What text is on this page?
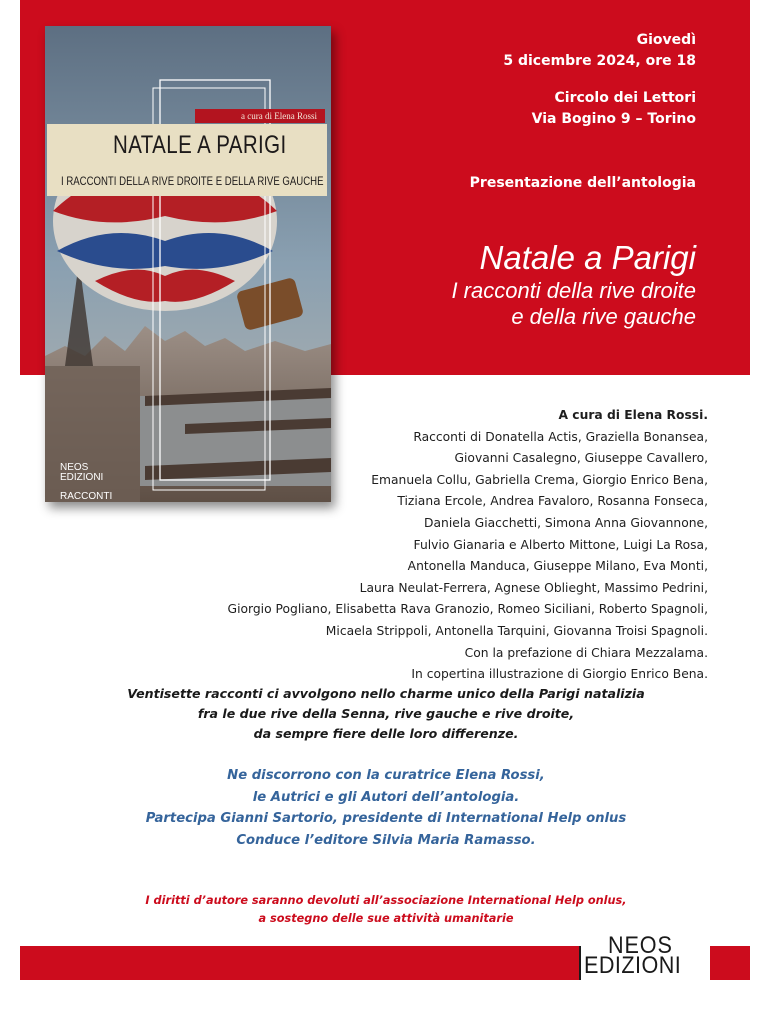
a cura di Elena Rossi
NATALE A PARIGI
I RACCONTI DELLA RIVE DROITE E DELLA RIVE GAUCHE
NEOS
EDIZIONI
RACCONTI
Giovedì
5 dicembre 2024, ore 18
Circolo dei Lettori
Via Bogino 9 – Torino
Presentazione dell’antologia
Natale a Parigi
I racconti della rive droite
e della rive gauche
A cura di Elena Rossi.
Racconti di Donatella Actis, Graziella Bonansea,
Giovanni Casalegno, Giuseppe Cavallero,
Emanuela Collu, Gabriella Crema, Giorgio Enrico Bena,
Tiziana Ercole, Andrea Favaloro, Rosanna Fonseca,
Daniela Giacchetti, Simona Anna Giovannone,
Fulvio Gianaria e Alberto Mittone, Luigi La Rosa,
Antonella Manduca, Giuseppe Milano, Eva Monti,
Laura Neulat-Ferrera, Agnese Oblieght, Massimo Pedrini,
Giorgio Pogliano, Elisabetta Rava Granozio, Romeo Siciliani, Roberto Spagnoli,
Micaela Strippoli, Antonella Tarquini, Giovanna Troisi Spagnoli.
Con la prefazione di Chiara Mezzalama.
In copertina illustrazione di Giorgio Enrico Bena.
Ventisette racconti ci avvolgono nello charme unico della Parigi natalizia
fra le due rive della Senna, rive gauche e rive droite,
da sempre fiere delle loro differenze.
Ne discorrono con la curatrice Elena Rossi,
le Autrici e gli Autori dell’antologia.
Partecipa Gianni Sartorio, presidente di International Help onlus
Conduce l’editore Silvia Maria Ramasso.
I diritti d’autore saranno devoluti all’associazione International Help onlus,
a sostegno delle sue attività umanitarie
NEOS
EDIZIONI
